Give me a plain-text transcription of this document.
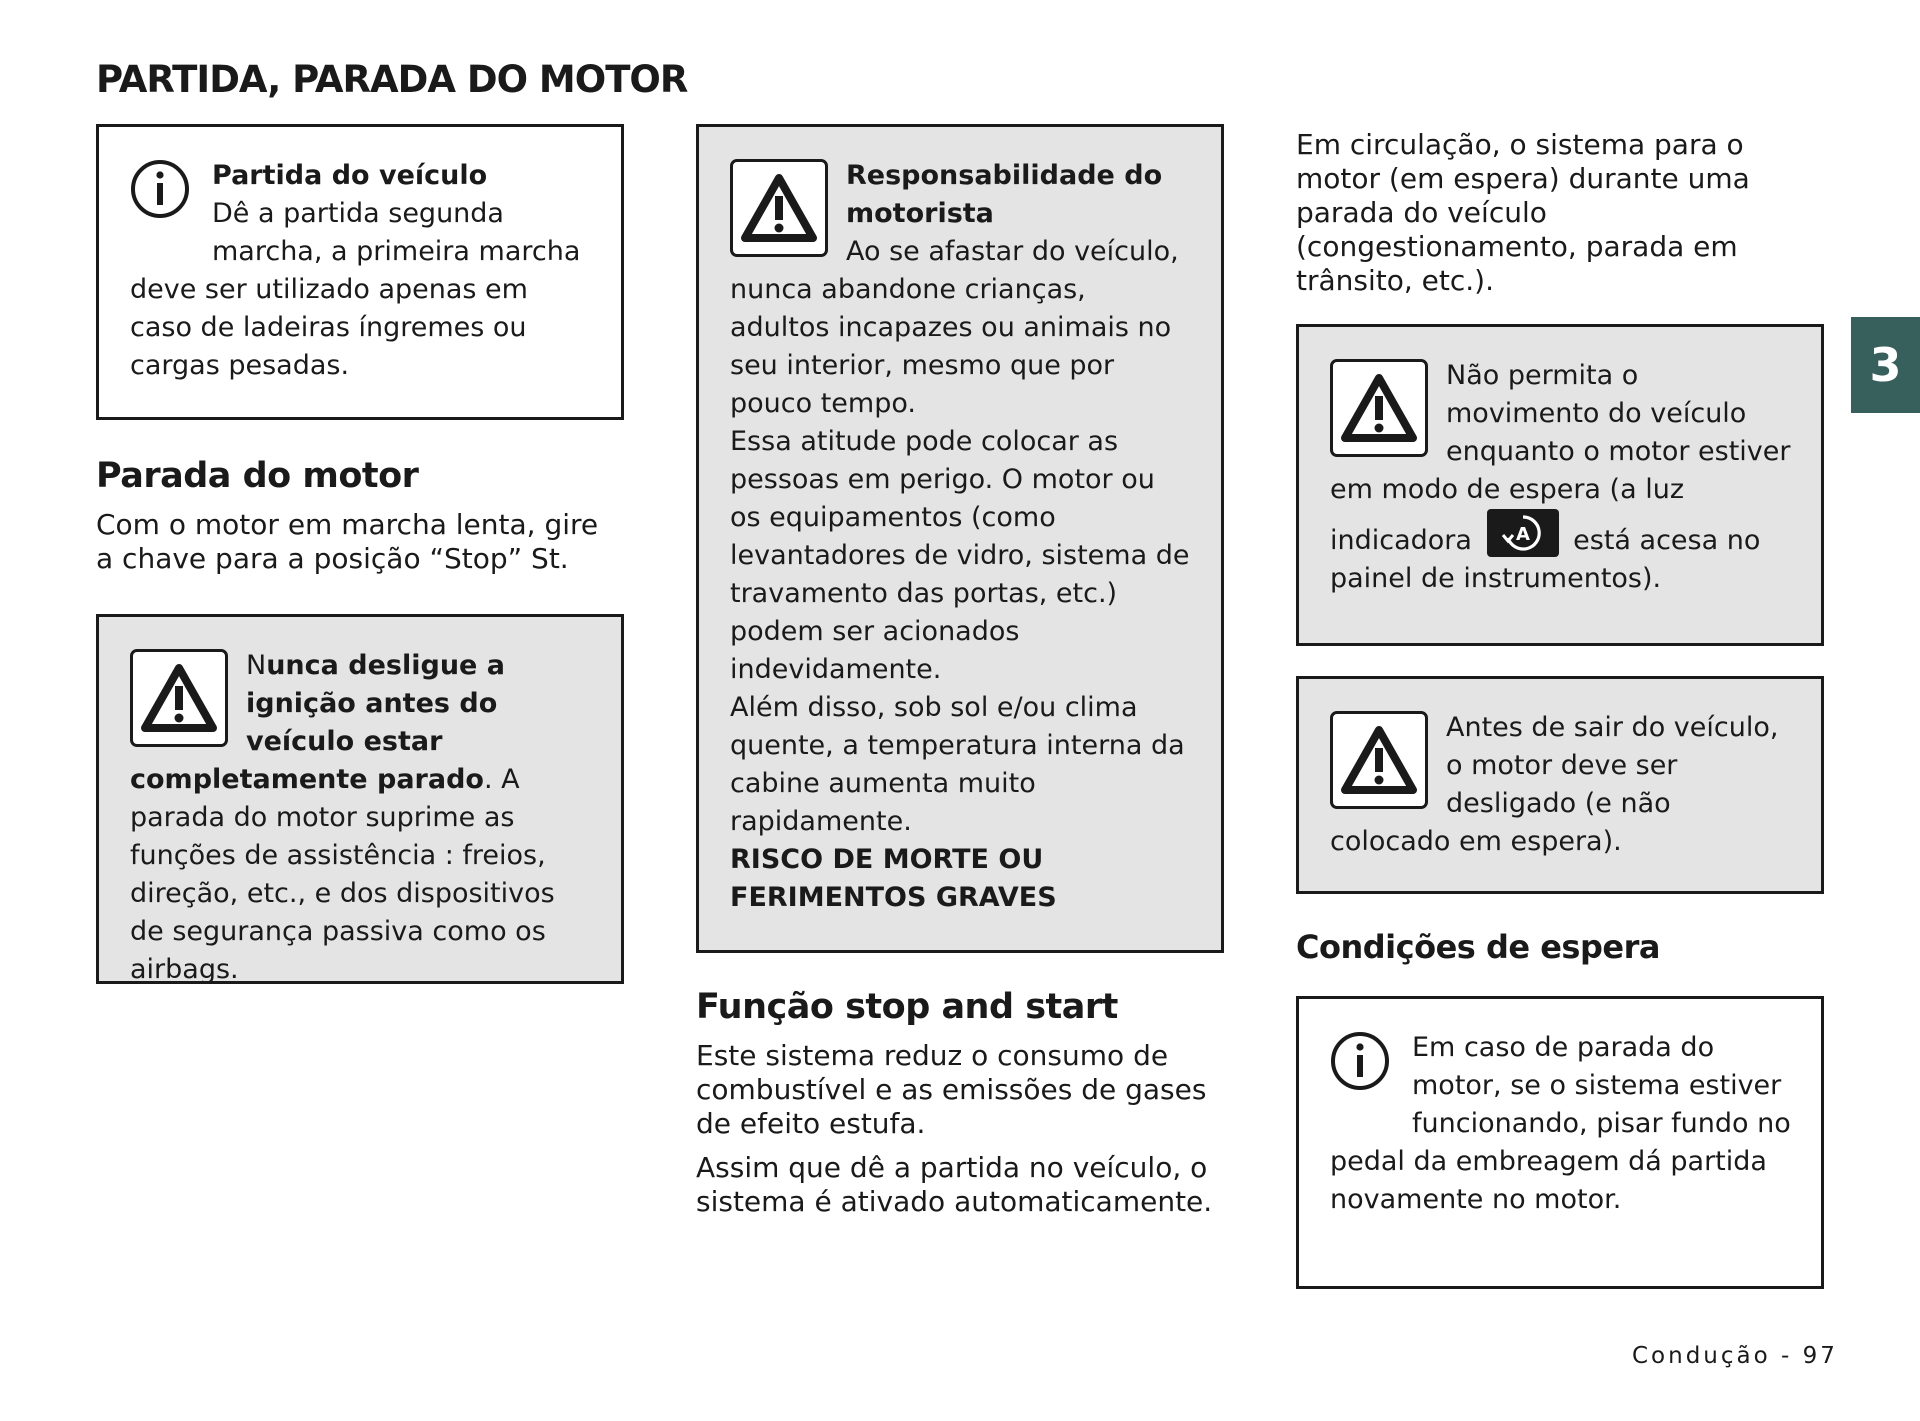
PARTIDA, PARADA DO MOTOR

Partida do veículo
Dê a partida segunda marcha, a primeira marcha deve ser utilizado apenas em caso de ladeiras íngremes ou cargas pesadas.

Parada do motor

Com o motor em marcha lenta, gire a chave para a posição “Stop” St.

Nunca desligue a ignição antes do veículo estar completamente parado. A parada do motor suprime as funções de assistência : freios, direção, etc., e dos dispositivos de segurança passiva como os airbags.

Responsabilidade do motorista
Ao se afastar do veículo, nunca abandone crianças, adultos incapazes ou animais no seu interior, mesmo que por pouco tempo.

Essa atitude pode colocar as pessoas em perigo. O motor ou os equipamentos (como levantadores de vidro, sistema de travamento das portas, etc.) podem ser acionados indevidamente.

Além disso, sob sol e/ou clima quente, a temperatura interna da cabine aumenta muito rapidamente.

RISCO DE MORTE OU FERIMENTOS GRAVES

Função stop and start

Este sistema reduz o consumo de combustível e as emissões de gases de efeito estufa.

Assim que dê a partida no veículo, o sistema é ativado automaticamente.

Em circulação, o sistema para o motor (em espera) durante uma parada do veículo (congestionamento, parada em trânsito, etc.).

Não permita o movimento do veículo enquanto o motor estiver em modo de espera (a luz indicadora A está acesa no painel de instrumentos).

Antes de sair do veículo, o motor deve ser desligado (e não colocado em espera).

Condições de espera

Em caso de parada do motor, se o sistema estiver funcionando, pisar fundo no pedal da embreagem dá partida novamente no motor.

3
Condução - 97
